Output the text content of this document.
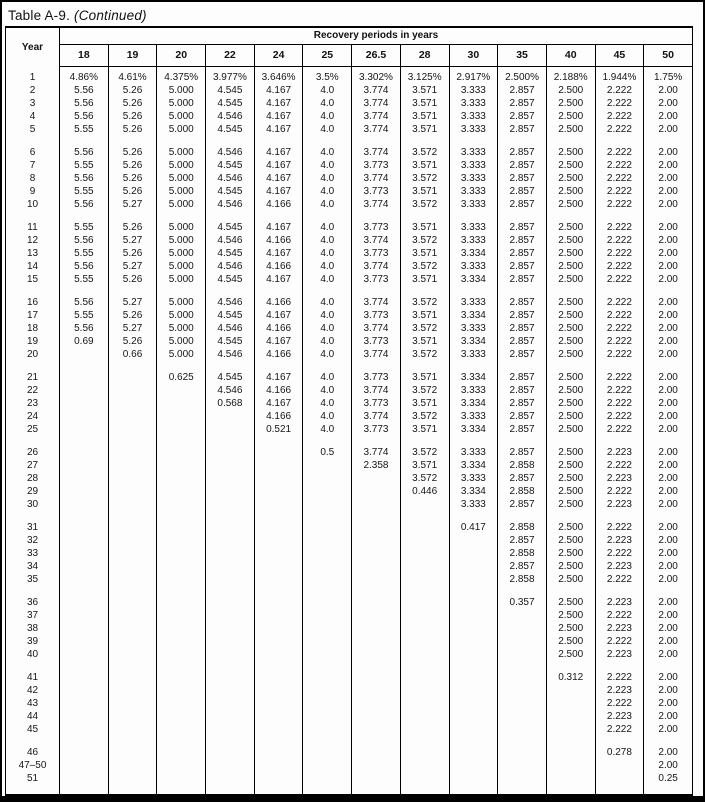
Table A-9. (Continued)
Year	Recovery periods in years												
	18	19	20	22	24	25	26.5	28	30	35	40	45	50

1	4.86%	4.61%	4.375%	3.977%	3.646%	3.5%	3.302%	3.125%	2.917%	2.500%	2.188%	1.944%	1.75%
2	5.56	5.26	5.000	4.545	4.167	4.0	3.774	3.571	3.333	2.857	2.500	2.222	2.00
3	5.56	5.26	5.000	4.545	4.167	4.0	3.774	3.571	3.333	2.857	2.500	2.222	2.00
4	5.56	5.26	5.000	4.546	4.167	4.0	3.774	3.571	3.333	2.857	2.500	2.222	2.00
5	5.55	5.26	5.000	4.545	4.167	4.0	3.774	3.571	3.333	2.857	2.500	2.222	2.00

6	5.56	5.26	5.000	4.546	4.167	4.0	3.774	3.572	3.333	2.857	2.500	2.222	2.00
7	5.55	5.26	5.000	4.545	4.167	4.0	3.773	3.571	3.333	2.857	2.500	2.222	2.00
8	5.56	5.26	5.000	4.546	4.167	4.0	3.774	3.572	3.333	2.857	2.500	2.222	2.00
9	5.55	5.26	5.000	4.545	4.167	4.0	3.773	3.571	3.333	2.857	2.500	2.222	2.00
10	5.56	5.27	5.000	4.546	4.166	4.0	3.774	3.572	3.333	2.857	2.500	2.222	2.00

11	5.55	5.26	5.000	4.545	4.167	4.0	3.773	3.571	3.333	2.857	2.500	2.222	2.00
12	5.56	5.27	5.000	4.546	4.166	4.0	3.774	3.572	3.333	2.857	2.500	2.222	2.00
13	5.55	5.26	5.000	4.545	4.167	4.0	3.773	3.571	3.334	2.857	2.500	2.222	2.00
14	5.56	5.27	5.000	4.546	4.166	4.0	3.774	3.572	3.333	2.857	2.500	2.222	2.00
15	5.55	5.26	5.000	4.545	4.167	4.0	3.773	3.571	3.334	2.857	2.500	2.222	2.00

16	5.56	5.27	5.000	4.546	4.166	4.0	3.774	3.572	3.333	2.857	2.500	2.222	2.00
17	5.55	5.26	5.000	4.545	4.167	4.0	3.773	3.571	3.334	2.857	2.500	2.222	2.00
18	5.56	5.27	5.000	4.546	4.166	4.0	3.774	3.572	3.333	2.857	2.500	2.222	2.00
19	0.69	5.26	5.000	4.545	4.167	4.0	3.773	3.571	3.334	2.857	2.500	2.222	2.00
20		0.66	5.000	4.546	4.166	4.0	3.774	3.572	3.333	2.857	2.500	2.222	2.00

21			0.625	4.545	4.167	4.0	3.773	3.571	3.334	2.857	2.500	2.222	2.00
22				4.546	4.166	4.0	3.774	3.572	3.333	2.857	2.500	2.222	2.00
23				0.568	4.167	4.0	3.773	3.571	3.334	2.857	2.500	2.222	2.00
24					4.166	4.0	3.774	3.572	3.333	2.857	2.500	2.222	2.00
25					0.521	4.0	3.773	3.571	3.334	2.857	2.500	2.222	2.00

26						0.5	3.774	3.572	3.333	2.857	2.500	2.223	2.00
27							2.358	3.571	3.334	2.858	2.500	2.222	2.00
28								3.572	3.333	2.857	2.500	2.223	2.00
29								0.446	3.334	2.858	2.500	2.222	2.00
30									3.333	2.857	2.500	2.223	2.00

31									0.417	2.858	2.500	2.222	2.00
32										2.857	2.500	2.223	2.00
33										2.858	2.500	2.222	2.00
34										2.857	2.500	2.223	2.00
35										2.858	2.500	2.222	2.00

36										0.357	2.500	2.223	2.00
37											2.500	2.222	2.00
38											2.500	2.223	2.00
39											2.500	2.222	2.00
40											2.500	2.223	2.00

41											0.312	2.222	2.00
42												2.223	2.00
43												2.222	2.00
44												2.223	2.00
45												2.222	2.00

46												0.278	2.00
47–50													2.00
51													0.25
